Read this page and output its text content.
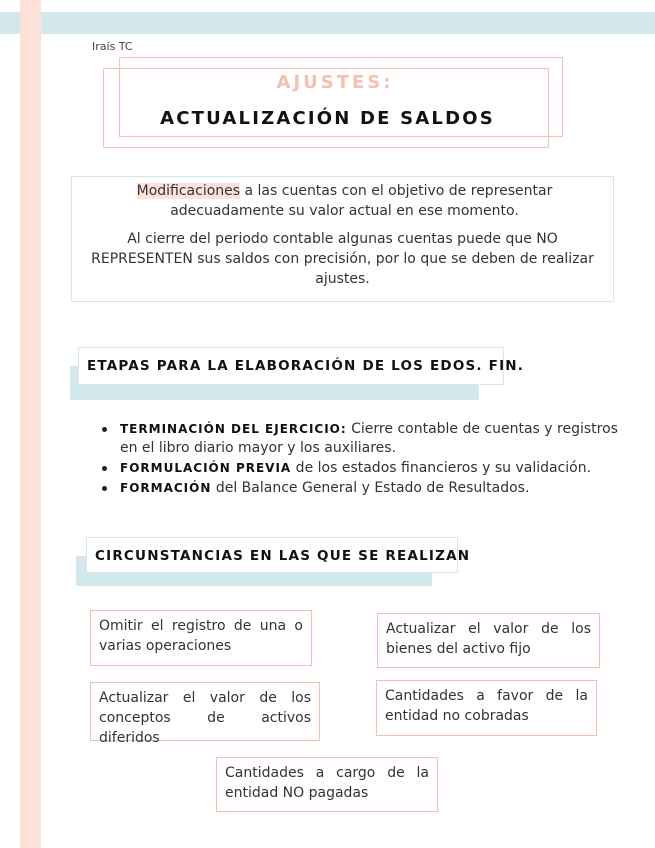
Iraís TC
AJUSTES:
ACTUALIZACIÓN DE SALDOS
Modificaciones a las cuentas con el objetivo de representar adecuadamente su valor actual en ese momento.
Al cierre del periodo contable algunas cuentas puede que NO REPRESENTEN sus saldos con precisión, por lo que se deben de realizar ajustes.
ETAPAS PARA LA ELABORACIÓN DE LOS EDOS. FIN.
TERMINACIÓN DEL EJERCICIO: Cierre contable de cuentas y registros en el libro diario mayor y los auxiliares.
FORMULACIÓN PREVIA de los estados financieros y su validación.
FORMACIÓN del Balance General y Estado de Resultados.
CIRCUNSTANCIAS EN LAS QUE SE REALIZAN
Omitir el registro de una o varias operaciones
Actualizar el valor de los bienes del activo fijo
Actualizar el valor de los conceptos de activos diferidos
Cantidades a favor de la entidad no cobradas
Cantidades a cargo de la entidad NO pagadas
